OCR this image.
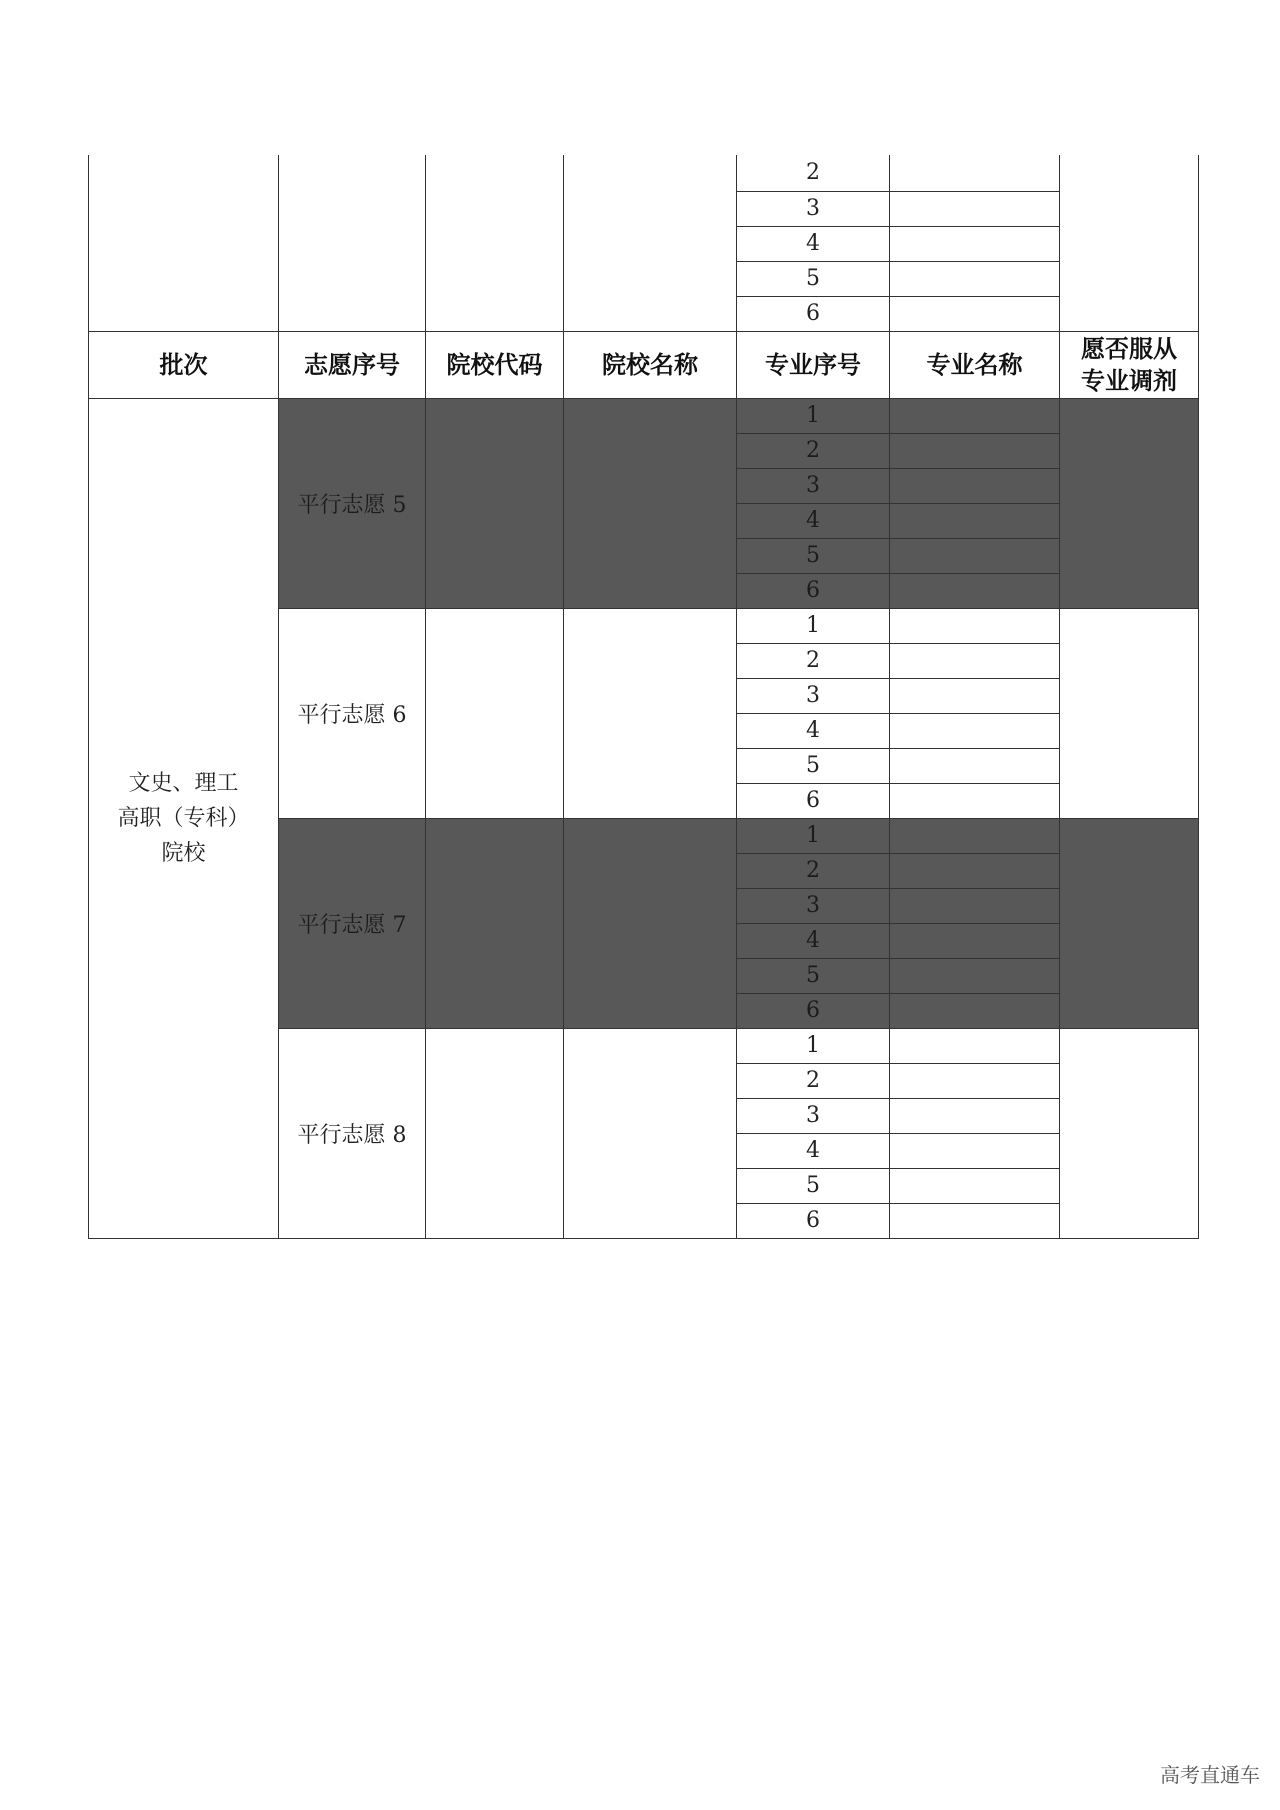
				2		
				3		
				4		
				5		
				6		
批次	志愿序号	院校代码	院校名称	专业序号	专业名称	愿否服从
专业调剂

文史、理工
高职（专科）
院校	平行志愿 5			1		
				2		
				3		
				4		
				5		
				6		
	平行志愿 6			1		
				2		
				3		
				4		
				5		
				6		
	平行志愿 7			1		
				2		
				3		
				4		
				5		
				6		
	平行志愿 8			1		
				2		
				3		
				4		
				5		
				6		
高考直通车
